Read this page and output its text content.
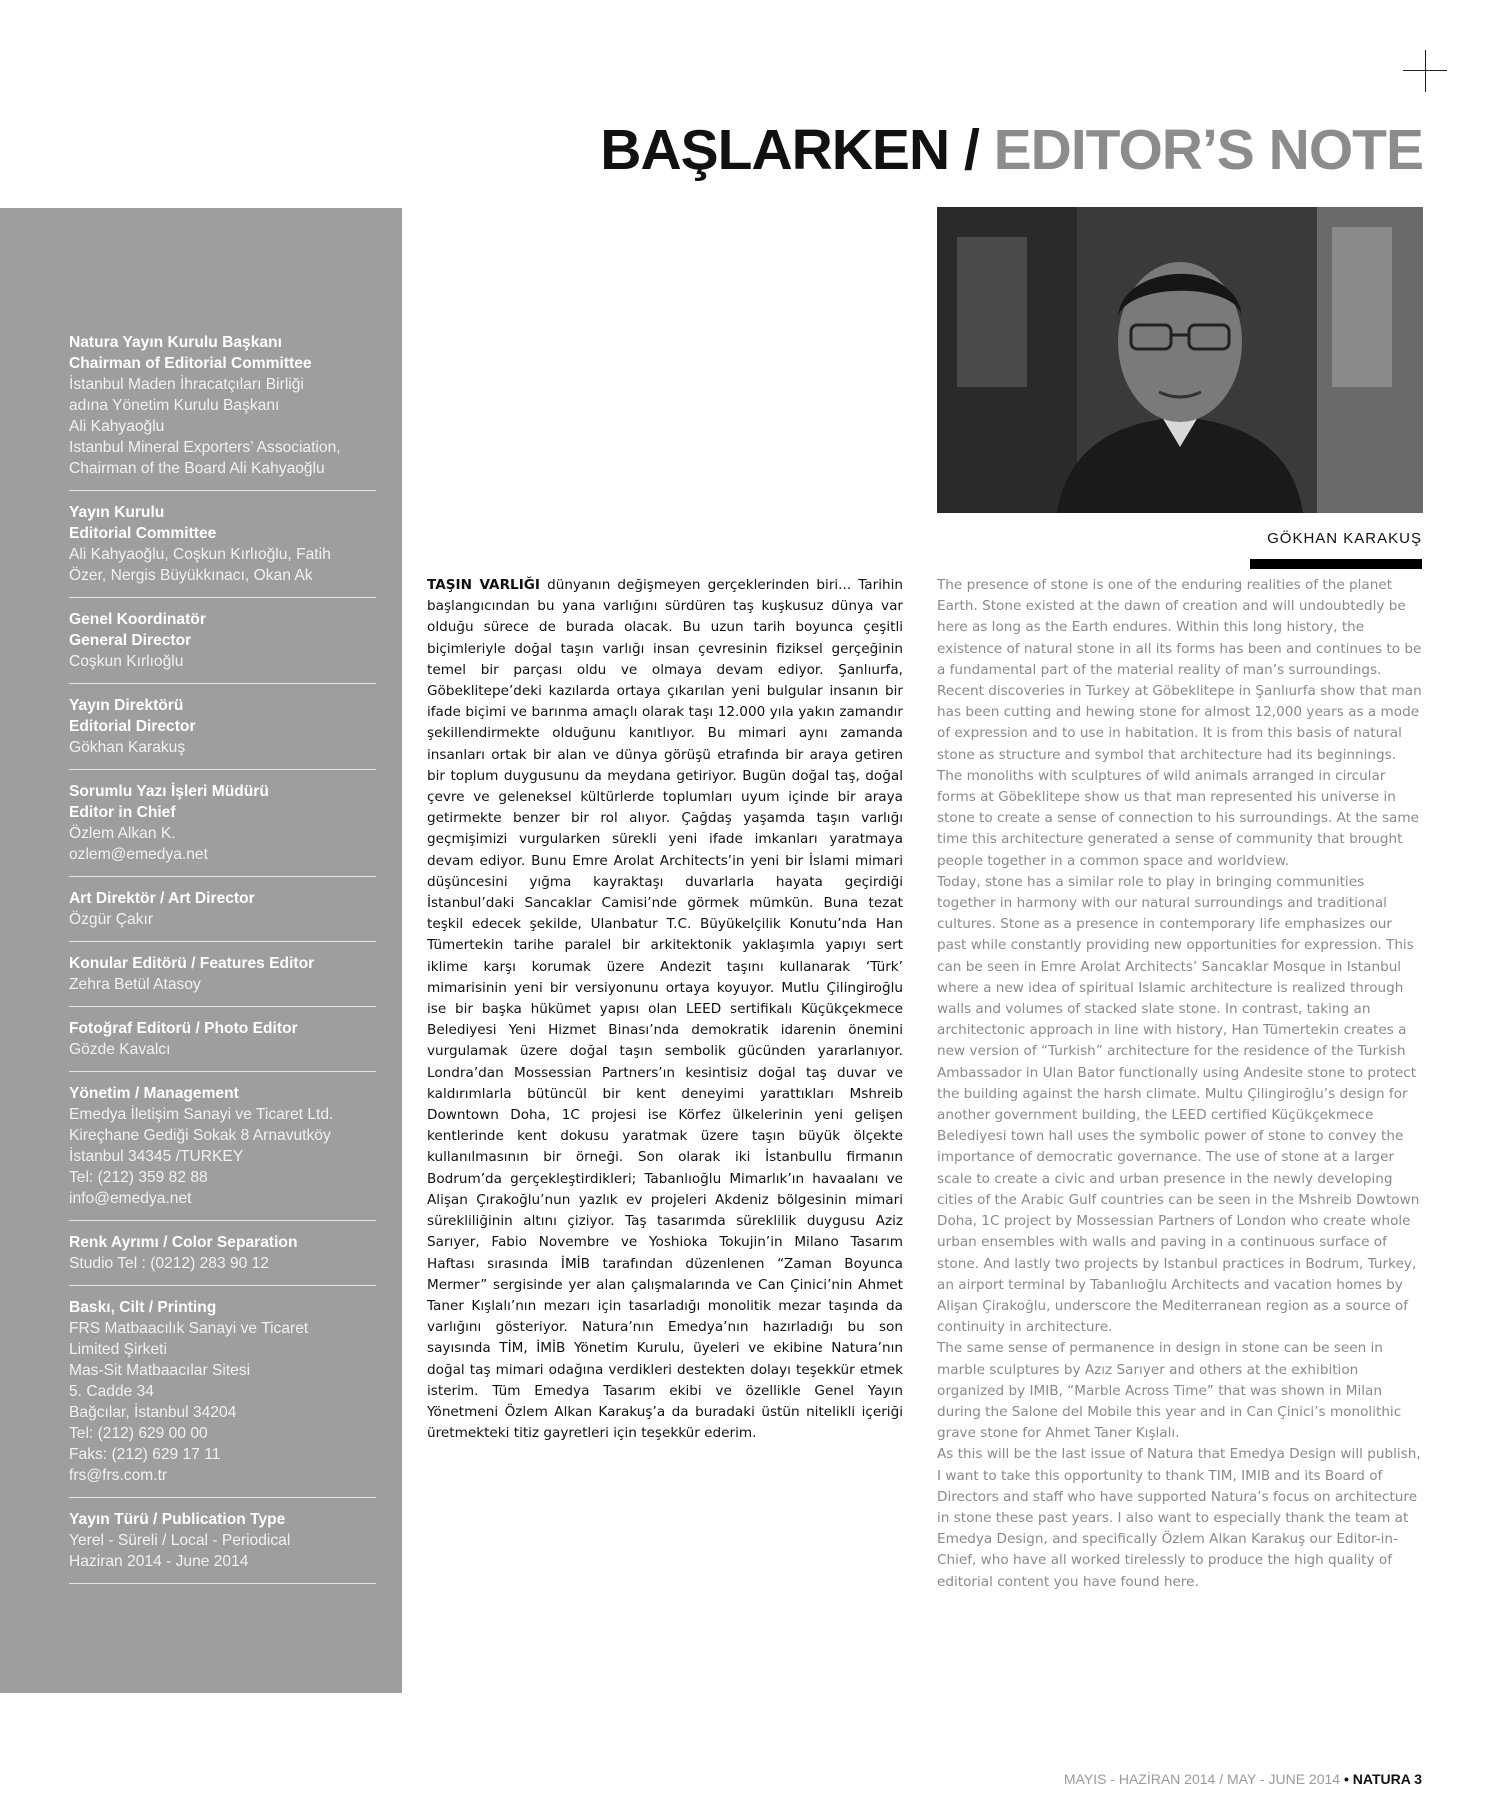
BAŞLARKEN / EDITOR’S NOTE
Natura Yayın Kurulu Başkanı
Chairman of Editorial Committee
İstanbul Maden İhracatçıları Birliği
adına Yönetim Kurulu Başkanı
Ali Kahyaoğlu
Istanbul Mineral Exporters’ Association,
Chairman of the Board Ali Kahyaoğlu
Yayın Kurulu
Editorial Committee
Ali Kahyaoğlu, Coşkun Kırlıoğlu, Fatih
Özer, Nergis Büyükkınacı, Okan Ak
Genel Koordinatör
General Director
Coşkun Kırlıoğlu
Yayın Direktörü
Editorial Director
Gökhan Karakuş
Sorumlu Yazı İşleri Müdürü
Editor in Chief
Özlem Alkan K.
ozlem@emedya.net
Art Direktör / Art Director
Özgür Çakır
Konular Editörü / Features Editor
Zehra Betül Atasoy
Fotoğraf Editorü / Photo Editor
Gözde Kavalcı
Yönetim / Management
Emedya İletişim Sanayi ve Ticaret Ltd.
Kireçhane Gediği Sokak 8 Arnavutköy
İstanbul 34345 /TURKEY
Tel: (212) 359 82 88
info@emedya.net
Renk Ayrımı / Color Separation
Studio Tel : (0212) 283 90 12
Baskı, Cilt / Printing
FRS Matbaacılık Sanayi ve Ticaret
Limited Şirketi
Mas-Sit Matbaacılar Sitesi
5. Cadde 34
Bağcılar, İstanbul 34204
Tel: (212) 629 00 00
Faks: (212) 629 17 11
frs@frs.com.tr
Yayın Türü / Publication Type
Yerel - Süreli / Local - Periodical
Haziran 2014 - June 2014

TAŞIN VARLIĞI dünyanın değişmeyen gerçeklerinden biri... Tarihin başlangıcından bu yana varlığını sürdüren taş kuşkusuz dünya var olduğu sürece de burada olacak. Bu uzun tarih boyunca çeşitli biçimleriyle doğal taşın varlığı insan çevresinin fiziksel gerçeğinin temel bir parçası oldu ve olmaya devam ediyor. Şanlıurfa, Göbeklitepe’deki kazılarda ortaya çıkarılan yeni bulgular insanın bir ifade biçimi ve barınma amaçlı olarak taşı 12.000 yıla yakın zamandır şekillendirmekte olduğunu kanıtlıyor. Bu mimari aynı zamanda insanları ortak bir alan ve dünya görüşü etrafında bir araya getiren bir toplum duygusunu da meydana getiriyor. Bugün doğal taş, doğal çevre ve geleneksel kültürlerde toplumları uyum içinde bir araya getirmekte benzer bir rol alıyor. Çağdaş yaşamda taşın varlığı geçmişimizi vurgularken sürekli yeni ifade imkanları yaratmaya devam ediyor. Bunu Emre Arolat Architects’in yeni bir İslami mimari düşüncesini yığma kayraktaşı duvarlarla hayata geçirdiği İstanbul’daki Sancaklar Camisi’nde görmek mümkün. Buna tezat teşkil edecek şekilde, Ulanbatur T.C. Büyükelçilik Konutu’nda Han Tümertekin tarihe paralel bir arkitektonik yaklaşımla yapıyı sert iklime karşı korumak üzere Andezit taşını kullanarak ‘Türk’ mimarisinin yeni bir versiyonunu ortaya koyuyor. Mutlu Çilingiroğlu ise bir başka hükümet yapısı olan LEED sertifikalı Küçükçekmece Belediyesi Yeni Hizmet Binası’nda demokratik idarenin önemini vurgulamak üzere doğal taşın sembolik gücünden yararlanıyor. Londra’dan Mossessian Partners’ın kesintisiz doğal taş duvar ve kaldırımlarla bütüncül bir kent deneyimi yarattıkları Mshreib Downtown Doha, 1C projesi ise Körfez ülkelerinin yeni gelişen kentlerinde kent dokusu yaratmak üzere taşın büyük ölçekte kullanılmasının bir örneği. Son olarak iki İstanbullu firmanın Bodrum’da gerçekleştirdikleri; Tabanlıoğlu Mimarlık’ın havaalanı ve Alişan Çırakoğlu’nun yazlık ev projeleri Akdeniz bölgesinin mimari sürekliliğinin altını çiziyor. Taş tasarımda süreklilik duygusu Aziz Sarıyer, Fabio Novembre ve Yoshioka Tokujin’in Milano Tasarım Haftası sırasında İMİB tarafından düzenlenen “Zaman Boyunca Mermer” sergisinde yer alan çalışmalarında ve Can Çinici’nin Ahmet Taner Kışlalı’nın mezarı için tasarladığı monolitik mezar taşında da varlığını gösteriyor. Natura’nın Emedya’nın hazırladığı bu son sayısında TİM, İMİB Yönetim Kurulu, üyeleri ve ekibine Natura’nın doğal taş mimari odağına verdikleri destekten dolayı teşekkür etmek isterim. Tüm Emedya Tasarım ekibi ve özellikle Genel Yayın Yönetmeni Özlem Alkan Karakuş’a da buradaki üstün nitelikli içeriği üretmekteki titiz gayretleri için teşekkür ederim.

GÖKHAN KARAKUŞ

The presence of stone is one of the enduring realities of the planet Earth. Stone existed at the dawn of creation and will undoubtedly be here as long as the Earth endures. Within this long history, the existence of natural stone in all its forms has been and continues to be a fundamental part of the material reality of man’s surroundings. Recent discoveries in Turkey at Göbeklitepe in Şanlıurfa show that man has been cutting and hewing stone for almost 12,000 years as a mode of expression and to use in habitation. It is from this basis of natural stone as structure and symbol that architecture had its beginnings. The monoliths with sculptures of wild animals arranged in circular forms at Göbeklitepe show us that man represented his universe in stone to create a sense of connection to his surroundings. At the same time this architecture generated a sense of community that brought people together in a common space and worldview.

Today, stone has a similar role to play in bringing communities together in harmony with our natural surroundings and traditional cultures. Stone as a presence in contemporary life emphasizes our past while constantly providing new opportunities for expression. This can be seen in Emre Arolat Architects’ Sancaklar Mosque in Istanbul where a new idea of spiritual Islamic architecture is realized through walls and volumes of stacked slate stone. In contrast, taking an architectonic approach in line with history, Han Tümertekin creates a new version of “Turkish” architecture for the residence of the Turkish Ambassador in Ulan Bator functionally using Andesite stone to protect the building against the harsh climate. Multu Çilingiroğlu’s design for another government building, the LEED certified Küçükçekmece Belediyesi town hall uses the symbolic power of stone to convey the importance of democratic governance. The use of stone at a larger scale to create a civic and urban presence in the newly developing cities of the Arabic Gulf countries can be seen in the Mshreib Dowtown Doha, 1C project by Mossessian Partners of London who create whole urban ensembles with walls and paving in a continuous surface of stone. And lastly two projects by Istanbul practices in Bodrum, Turkey, an airport terminal by Tabanlıoğlu Architects and vacation homes by Alişan Çirakoğlu, underscore the Mediterranean region as a source of continuity in architecture.

The same sense of permanence in design in stone can be seen in marble sculptures by Azız Sarıyer and others at the exhibition organized by IMIB, “Marble Across Time” that was shown in Milan during the Salone del Mobile this year and in Can Çinici’s monolithic grave stone for Ahmet Taner Kışlalı.

As this will be the last issue of Natura that Emedya Design will publish, I want to take this opportunity to thank TIM, IMIB and its Board of Directors and staff who have supported Natura’s focus on architecture in stone these past years. I also want to especially thank the team at Emedya Design, and specifically Özlem Alkan Karakuş our Editor-in-Chief, who have all worked tirelessly to produce the high quality of editorial content you have found here.

MAYIS - HAZİRAN 2014 / MAY - JUNE 2014 • NATURA 3
